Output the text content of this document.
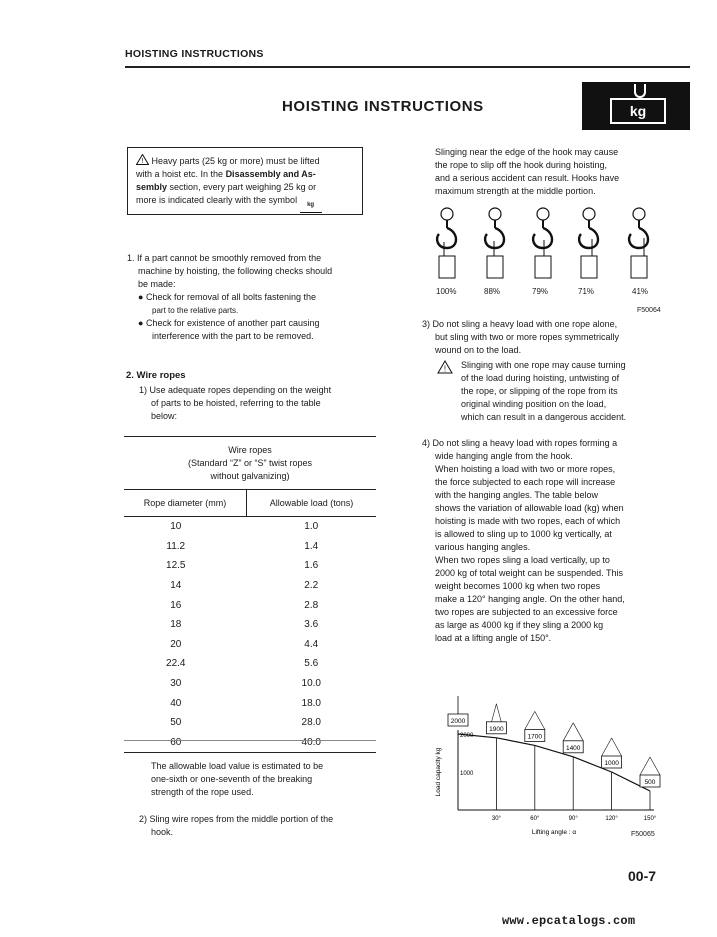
HOISTING INSTRUCTIONS
HOISTING INSTRUCTIONS	kg
! Heavy parts (25 kg or more) must be lifted
with a hoist etc. In the Disassembly and As-
sembly section, every part weighing 25 kg or
more is indicated clearly with the symbol kg
1. If a part cannot be smoothly removed from the
machine by hoisting, the following checks should
be made:
● Check for removal of all bolts fastening the
part to the relative parts.
● Check for existence of another part causing
interference with the part to be removed.
2. Wire ropes
1) Use adequate ropes depending on the weight
of parts to be hoisted, referring to the table
below:
Wire ropes
(Standard “Z” or “S” twist ropes
without galvanizing)
Rope diameter (mm)	Allowable load (tons)
10	1.0
11.2	1.4
12.5	1.6
14	2.2
16	2.8
18	3.6
20	4.4
22.4	5.6
30	10.0
40	18.0
50	28.0
60	40.0
The allowable load value is estimated to be
one-sixth or one-seventh of the breaking
strength of the rope used.
2) Sling wire ropes from the middle portion of the
hook.
Slinging near the edge of the hook may cause
the rope to slip off the hook during hoisting,
and a serious accident can result. Hooks have
maximum strength at the middle portion.
100%	88%	79%	71%	41%
F50064
3) Do not sling a heavy load with one rope alone,
but sling with two or more ropes symmetrically
wound on to the load.
! Slinging with one rope may cause turning
of the load during hoisting, untwisting of
the rope, or slipping of the rope from its
original winding position on the load,
which can result in a dangerous accident.
4) Do not sling a heavy load with ropes forming a
wide hanging angle from the hook.
When hoisting a load with two or more ropes,
the force subjected to each rope will increase
with the hanging angles. The table below
shows the variation of allowable load (kg) when
hoisting is made with two ropes, each of which
is allowed to sling up to 1000 kg vertically, at
various hanging angles.
When two ropes sling a load vertically, up to
2000 kg of total weight can be suspended. This
weight becomes 1000 kg when two ropes
make a 120° hanging angle. On the other hand,
two ropes are subjected to an excessive force
as large as 4000 kg if they sling a 2000 kg
load at a lifting angle of 150°.
2000
1900
1700
1400
1000
500
2000
1000
30°	60°	90°	120°	150°
Lifting angle : α
Load capacity kg
F50065
00-7
www.epcatalogs.com
